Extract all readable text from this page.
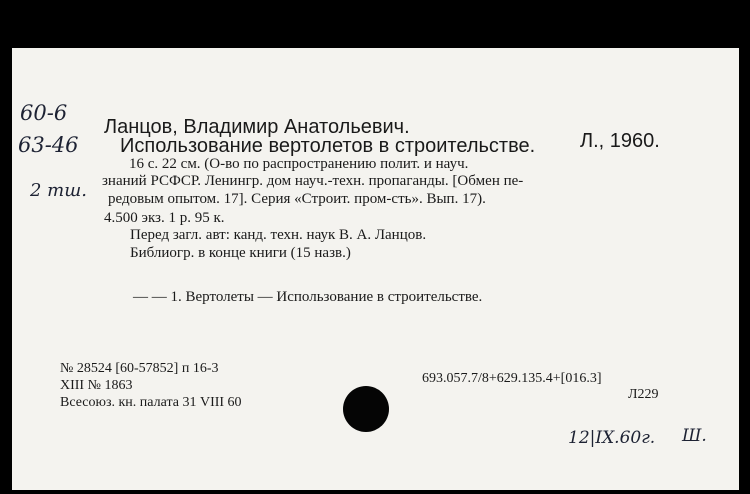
60-6
63-46
2 тш.
Ланцов, Владимир Анатольевич.
Использование вертолетов в строительстве. Л., 1960.
16 с. 22 см. (О-во по распространению полит. и науч.
знаний РСФСР. Ленингр. дом науч.-техн. пропаганды. [Обмен пе-
редовым опытом. 17]. Серия «Строит. пром-сть». Вып. 17).
4.500 экз. 1 р. 95 к.
Перед загл. авт: канд. техн. наук В. А. Ланцов.
Библиогр. в конце книги (15 назв.)
— — 1. Вертолеты — Использование в строительстве.
№ 28524 [60-57852] п 16-3
XIII № 1863
Всесоюз. кн. палата 31 VIII 60
693.057.7/8+629.135.4+[016.3]
Л229
12|IX.60г. Ш.
